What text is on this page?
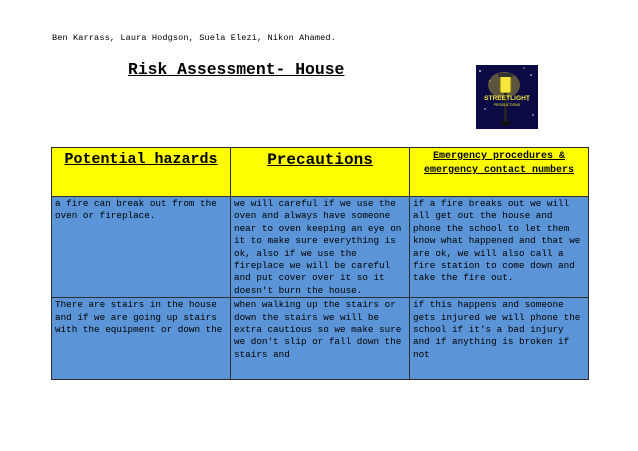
Ben Karrass, Laura Hodgson, Suela Elezi, Nikon Ahamed.
Risk Assessment- House
STREETLIGHT
PRODUCTIONS
Potential hazards	Precautions	Emergency procedures & emergency contact numbers
a fire can break out from the oven or fireplace.	we will careful if we use the oven and always have someone near to oven keeping an eye on it to make sure everything is ok, also if we use the fireplace we will be careful and put cover over it so it doesn't burn the house.	if a fire breaks out we will all get out the house and phone the school to let them know what happened and that we are ok, we will also call a fire station to come down and take the fire out.
There are stairs in the house and if we are going up stairs with the equipment or down the	when walking up the stairs or down the stairs we will be extra cautious so we make sure we don't slip or fall down the stairs and	if this happens and someone gets injured we will phone the school if it's a bad injury and if anything is broken if not
